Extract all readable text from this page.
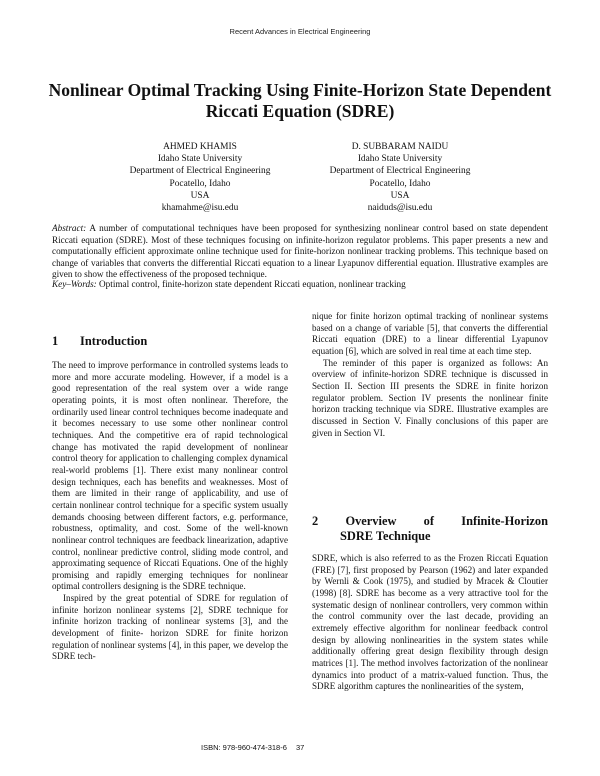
Recent Advances in Electrical Engineering
Nonlinear Optimal Tracking Using Finite-Horizon State Dependent
Riccati Equation (SDRE)
AHMED KHAMIS
Idaho State University
Department of Electrical Engineering
Pocatello, Idaho
USA
khamahme@isu.edu
D. SUBBARAM NAIDU
Idaho State University
Department of Electrical Engineering
Pocatello, Idaho
USA
naiduds@isu.edu
Abstract: A number of computational techniques have been proposed for synthesizing nonlinear control based on state dependent Riccati equation (SDRE). Most of these techniques focusing on infinite-horizon regulator problems. This paper presents a new and computationally efficient approximate online technique used for finite-horizon nonlinear tracking problems. This technique based on change of variables that converts the differential Riccati equation to a linear Lyapunov differential equation. Illustrative examples are given to show the effectiveness of the proposed technique.
Key–Words: Optimal control, finite-horizon state dependent Riccati equation, nonlinear tracking
1 Introduction

The need to improve performance in controlled systems leads to more and more accurate modeling. However, if a model is a good representation of the real system over a wide range operating points, it is most often nonlinear. Therefore, the ordinarily used linear control techniques become inadequate and it becomes necessary to use some other nonlinear control techniques. And the competitive era of rapid technological change has motivated the rapid development of nonlinear control theory for application to challenging complex dynamical real-world problems [1]. There exist many nonlinear control design techniques, each has benefits and weaknesses. Most of them are limited in their range of applicability, and use of certain nonlinear control technique for a specific system usually demands choosing between different factors, e.g. performance, robustness, optimality, and cost. Some of the well-known nonlinear control techniques are feedback linearization, adaptive control, nonlinear predictive control, sliding mode control, and approximating sequence of Riccati Equations. One of the highly promising and rapidly emerging techniques for nonlinear optimal controllers designing is the SDRE technique.

Inspired by the great potential of SDRE for regulation of infinite horizon nonlinear systems [2], SDRE technique for infinite horizon tracking of nonlinear systems [3], and the development of finite- horizon SDRE for finite horizon regulation of nonlinear systems [4], in this paper, we develop the SDRE tech-

nique for finite horizon optimal tracking of nonlinear systems based on a change of variable [5], that converts the differential Riccati equation (DRE) to a linear differential Lyapunov equation [6], which are solved in real time at each time step.

The reminder of this paper is organized as follows: An overview of infinite-horizon SDRE technique is discussed in Section II. Section III presents the SDRE in finite horizon regulator problem. Section IV presents the nonlinear finite horizon tracking technique via SDRE. Illustrative examples are discussed in Section V. Finally conclusions of this paper are given in Section VI.

2 Overview of Infinite-Horizon
SDRE Technique

SDRE, which is also referred to as the Frozen Riccati Equation (FRE) [7], first proposed by Pearson (1962) and later expanded by Wernli & Cook (1975), and studied by Mracek & Cloutier (1998) [8]. SDRE has become as a very attractive tool for the systematic design of nonlinear controllers, very common within the control community over the last decade, providing an extremely effective algorithm for nonlinear feedback control design by allowing nonlinearities in the system states while additionally offering great design flexibility through design matrices [1]. The method involves factorization of the nonlinear dynamics into product of a matrix-valued function. Thus, the SDRE algorithm captures the nonlinearities of the system,

ISBN: 978-960-474-318-6 37
